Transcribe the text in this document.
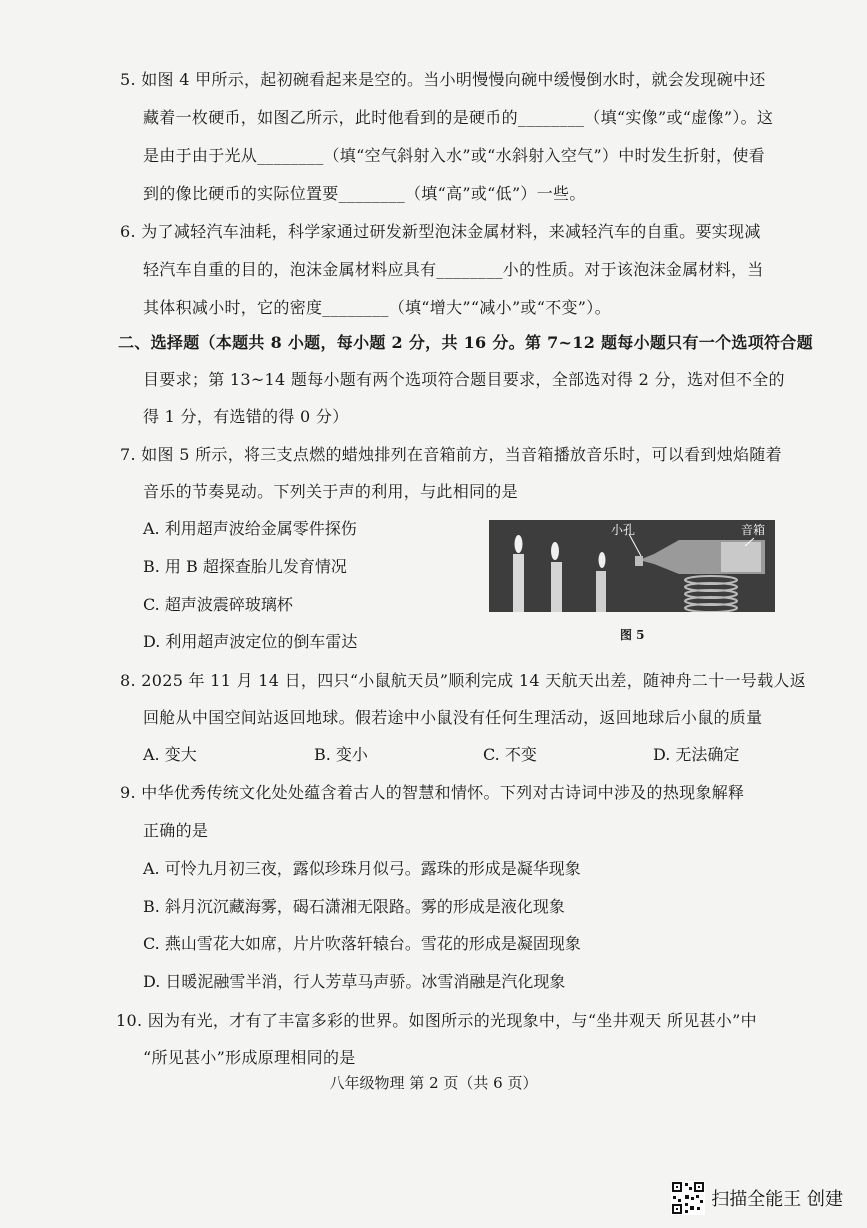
5. 如图 4 甲所示，起初碗看起来是空的。当小明慢慢向碗中缓慢倒水时，就会发现碗中还
藏着一枚硬币，如图乙所示，此时他看到的是硬币的________（填“实像”或“虚像”）。这
是由于由于光从________（填“空气斜射入水”或“水斜射入空气”）中时发生折射，使看
到的像比硬币的实际位置要________（填“高”或“低”）一些。
6. 为了减轻汽车油耗，科学家通过研发新型泡沫金属材料，来减轻汽车的自重。要实现减
轻汽车自重的目的，泡沫金属材料应具有________小的性质。对于该泡沫金属材料，当
其体积减小时，它的密度________（填“增大”“减小”或“不变”）。
二、选择题（本题共 8 小题，每小题 2 分，共 16 分。第 7~12 题每小题只有一个选项符合题
目要求；第 13~14 题每小题有两个选项符合题目要求，全部选对得 2 分，选对但不全的
得 1 分，有选错的得 0 分）
7. 如图 5 所示，将三支点燃的蜡烛排列在音箱前方，当音箱播放音乐时，可以看到烛焰随着
音乐的节奏晃动。下列关于声的利用，与此相同的是
A. 利用超声波给金属零件探伤
B. 用 B 超探查胎儿发育情况
C. 超声波震碎玻璃杯
D. 利用超声波定位的倒车雷达
小孔	音箱
图 5
8. 2025 年 11 月 14 日，四只“小鼠航天员”顺利完成 14 天航天出差，随神舟二十一号载人返
回舱从中国空间站返回地球。假若途中小鼠没有任何生理活动，返回地球后小鼠的质量
A. 变大	B. 变小	C. 不变	D. 无法确定
9. 中华优秀传统文化处处蕴含着古人的智慧和情怀。下列对古诗词中涉及的热现象解释
正确的是
A. 可怜九月初三夜，露似珍珠月似弓。露珠的形成是凝华现象
B. 斜月沉沉藏海雾，碣石潇湘无限路。雾的形成是液化现象
C. 燕山雪花大如席，片片吹落轩辕台。雪花的形成是凝固现象
D. 日暖泥融雪半消，行人芳草马声骄。冰雪消融是汽化现象
10. 因为有光，才有了丰富多彩的世界。如图所示的光现象中，与“坐井观天 所见甚小”中
“所见甚小”形成原理相同的是
八年级物理 第 2 页（共 6 页）
扫描全能王 创建
